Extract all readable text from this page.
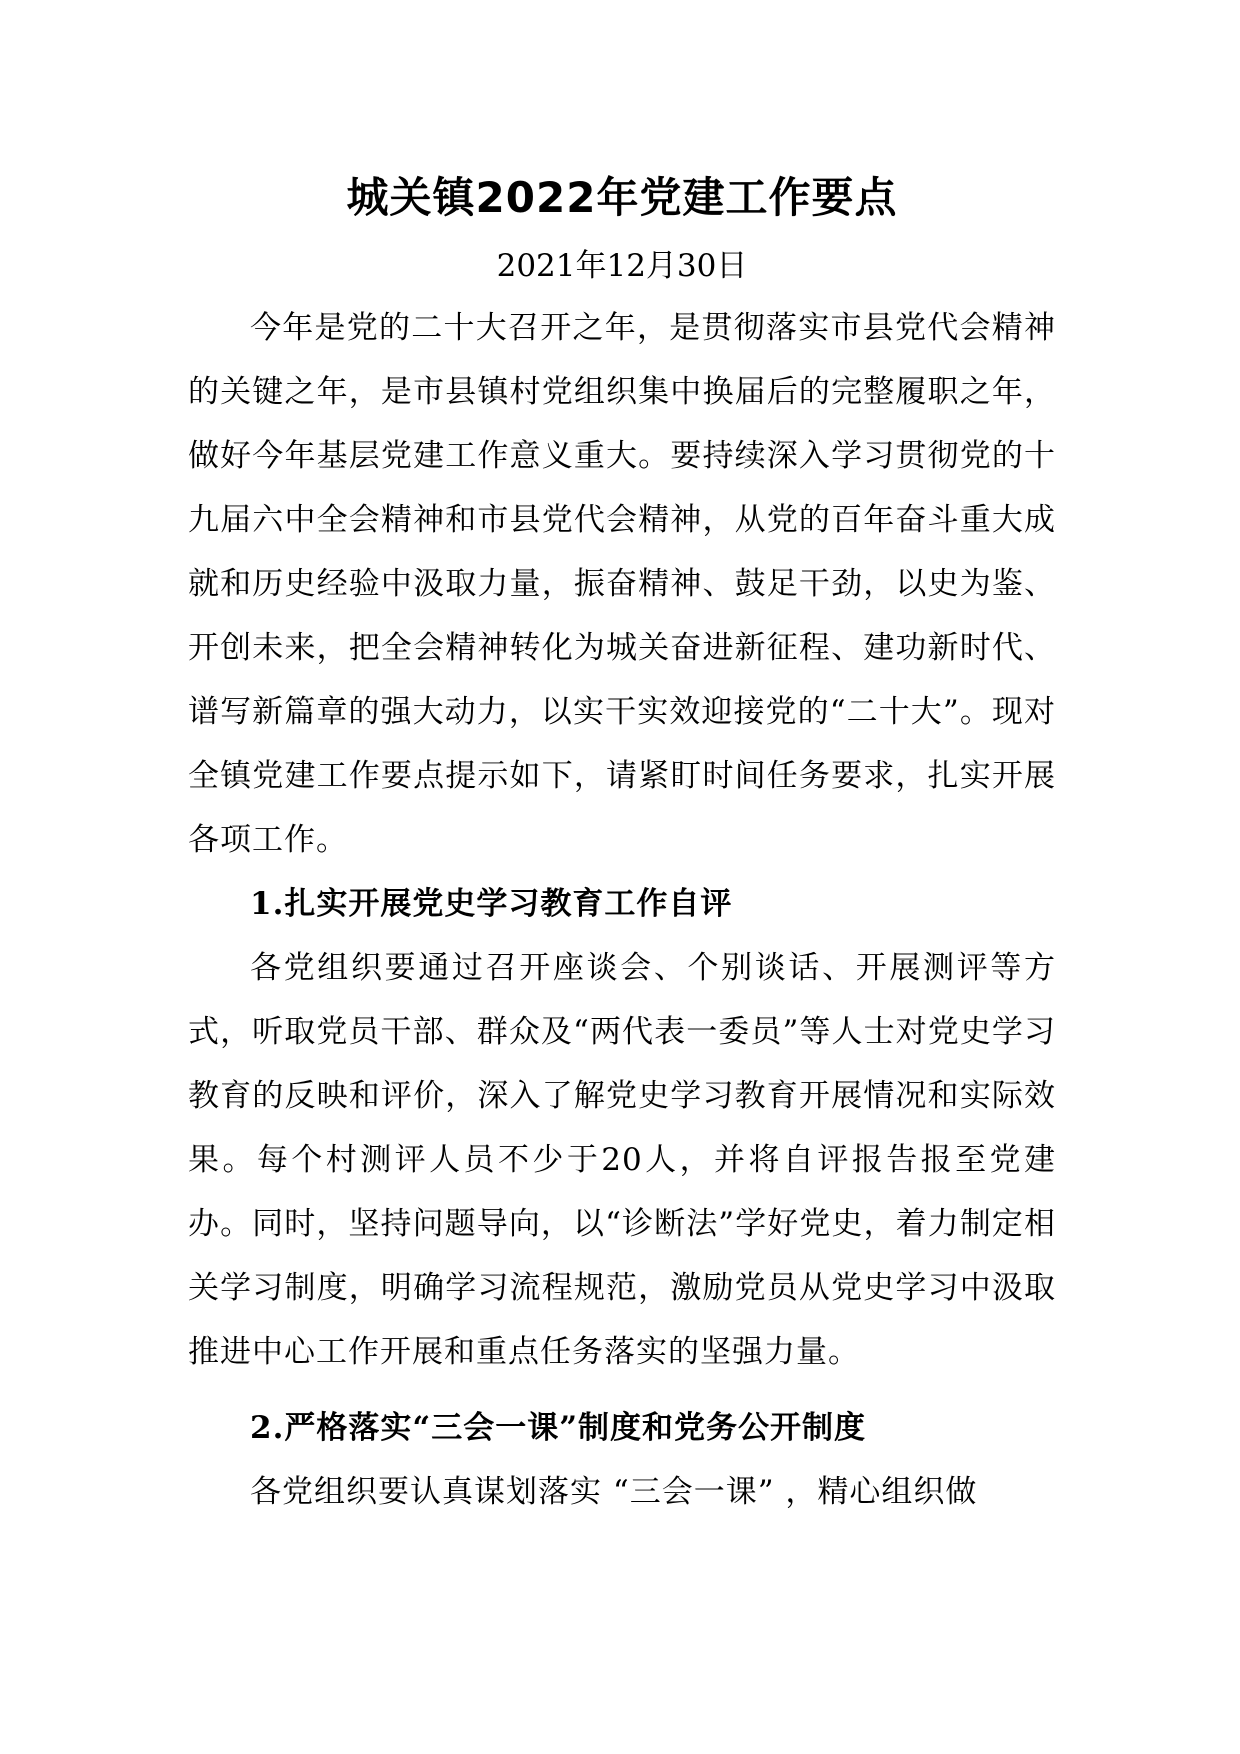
城关镇2022年党建工作要点

2021年12月30日

今年是党的二十大召开之年，是贯彻落实市县党代会精神的关键之年，是市县镇村党组织集中换届后的完整履职之年，做好今年基层党建工作意义重大。要持续深入学习贯彻党的十九届六中全会精神和市县党代会精神，从党的百年奋斗重大成就和历史经验中汲取力量，振奋精神、鼓足干劲，以史为鉴、开创未来，把全会精神转化为城关奋进新征程、建功新时代、谱写新篇章的强大动力，以实干实效迎接党的“二十大”。现对全镇党建工作要点提示如下，请紧盯时间任务要求，扎实开展各项工作。

1.扎实开展党史学习教育工作自评

各党组织要通过召开座谈会、个别谈话、开展测评等方式，听取党员干部、群众及“两代表一委员”等人士对党史学习教育的反映和评价，深入了解党史学习教育开展情况和实际效果。每个村测评人员不少于20人，并将自评报告报至党建办。同时，坚持问题导向，以“诊断法”学好党史，着力制定相关学习制度，明确学习流程规范，激励党员从党史学习中汲取推进中心工作开展和重点任务落实的坚强力量。

2.严格落实“三会一课”制度和党务公开制度

各党组织要认真谋划落实 “三会一课” ，精心组织做
